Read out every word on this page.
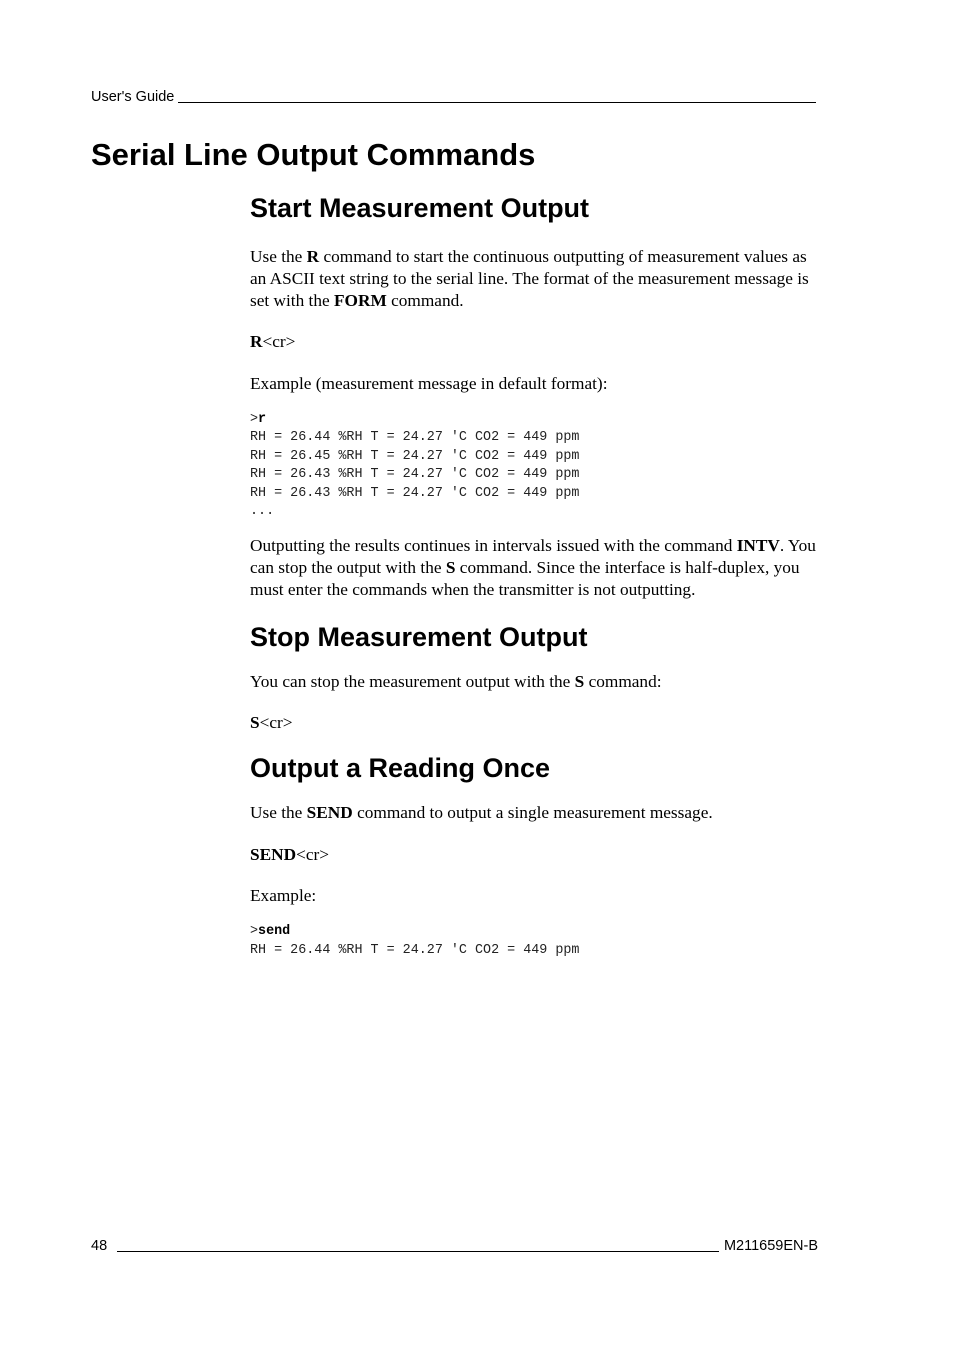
User's Guide
Serial Line Output Commands
Start Measurement Output

Use the R command to start the continuous outputting of measurement values as an ASCII text string to the serial line. The format of the measurement message is set with the FORM command.

R<cr>

Example (measurement message in default format):

>r
RH = 26.44 %RH T = 24.27 'C CO2 = 449 ppm
RH = 26.45 %RH T = 24.27 'C CO2 = 449 ppm
RH = 26.43 %RH T = 24.27 'C CO2 = 449 ppm
RH = 26.43 %RH T = 24.27 'C CO2 = 449 ppm
...

Outputting the results continues in intervals issued with the command INTV. You can stop the output with the S command. Since the interface is half-duplex, you must enter the commands when the transmitter is not outputting.

Stop Measurement Output

You can stop the measurement output with the S command:

S<cr>

Output a Reading Once

Use the SEND command to output a single measurement message.

SEND<cr>

Example:

>send
RH = 26.44 %RH T = 24.27 'C CO2 = 449 ppm
48	M211659EN-B
